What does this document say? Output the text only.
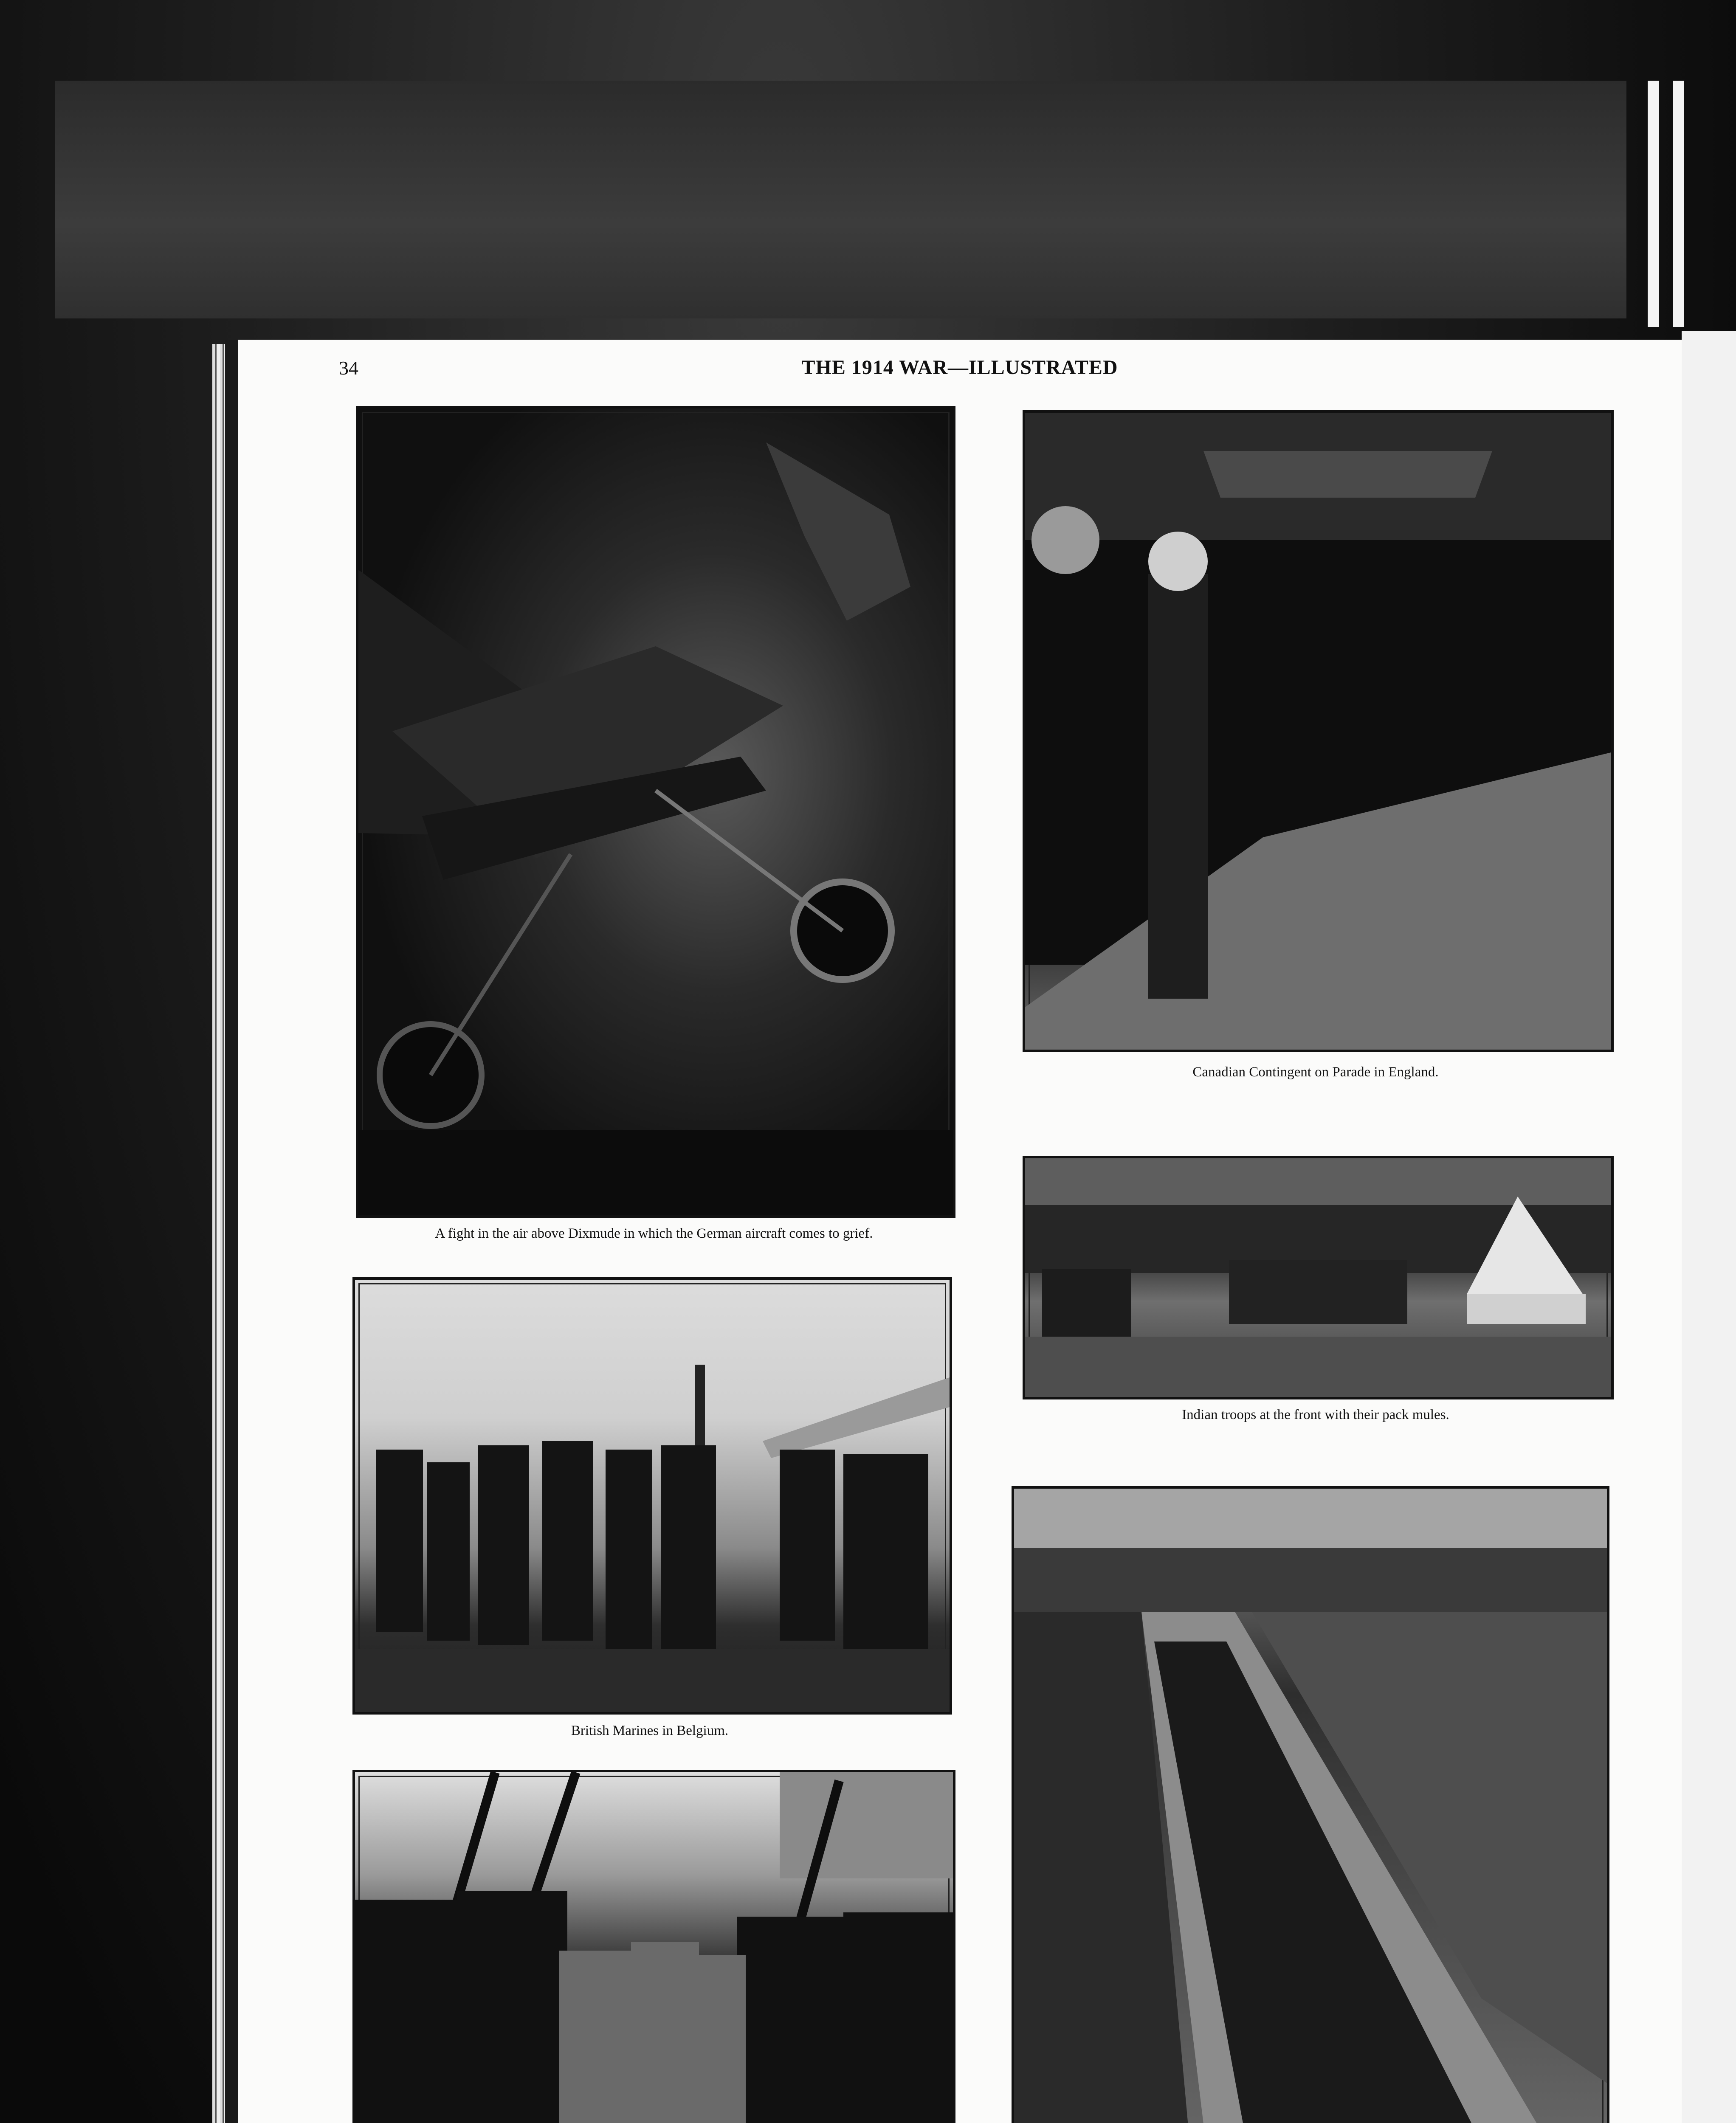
34	THE 1914 WAR—ILLUSTRATED
A fight in the air above Dixmude in which the German aircraft comes to grief.
Canadian Contingent on Parade in England.
Indian troops at the front with their pack mules.
British Marines in Belgium.
